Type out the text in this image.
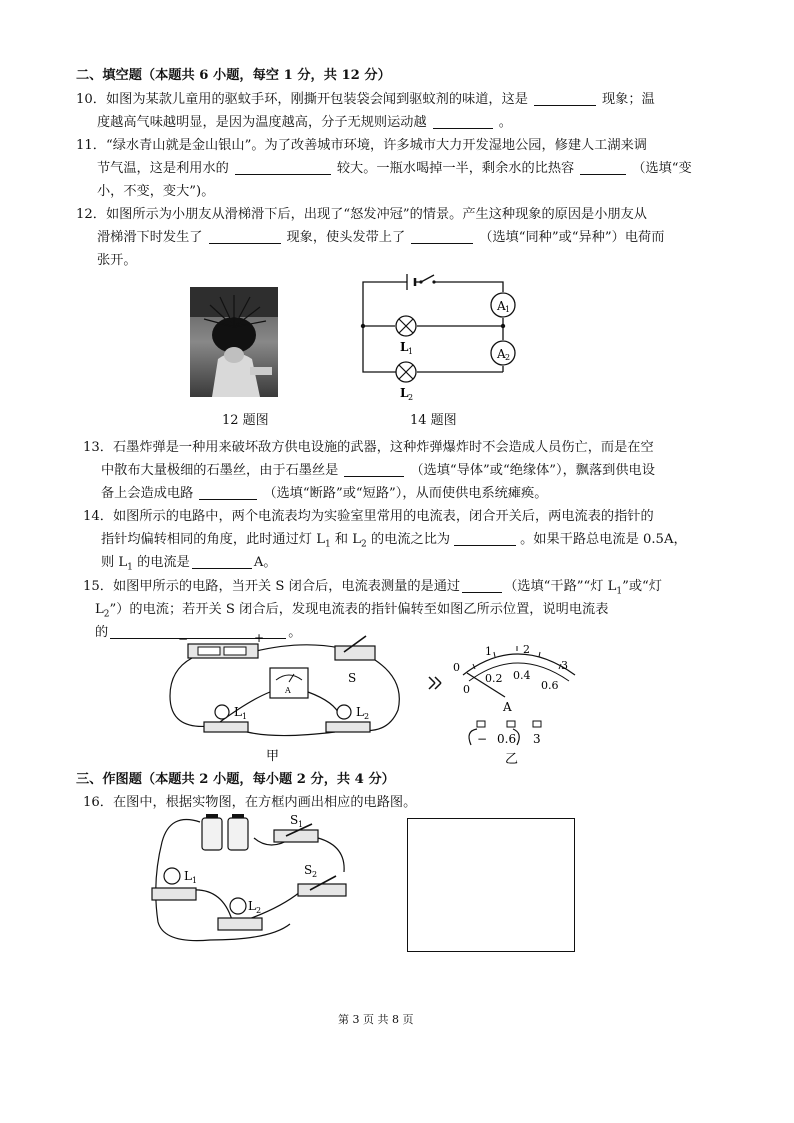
二、填空题（本题共 6 小题，每空 1 分，共 12 分）
10．如图为某款儿童用的驱蚊手环，刚撕开包装袋会闻到驱蚊剂的味道，这是	现象；温
度越高气味越明显，是因为温度越高，分子无规则运动越	。
11．“绿水青山就是金山银山”。为了改善城市环境，许多城市大力开发湿地公园，修建人工湖来调
节气温，这是利用水的	较大。一瓶水喝掉一半，剩余水的比热容	（选填“变
小，不变，变大”)。
12．如图所示为小朋友从滑梯滑下后，出现了“怒发冲冠”的情景。产生这种现象的原因是小朋友从
滑梯滑下时发生了	现象，使头发带上了	（选填“同种”或“异种”）电荷而
张开。
12 题图
A 1
A 2
L 1
L 2
14 题图
13．石墨炸弹是一种用来破坏敌方供电设施的武器，这种炸弹爆炸时不会造成人员伤亡，而是在空
中散布大量极细的石墨丝，由于石墨丝是	（选填“导体”或“绝缘体”），飘落到供电设
备上会造成电路	（选填“断路”或“短路”），从而使供电系统瘫痪。
14．如图所示的电路中，两个电流表均为实验室里常用的电流表，闭合开关后，两电流表的指针的
指针均偏转相同的角度，此时通过灯 $L_1$ 和 $L_2$ 的电流之比为	。如果干路总电流是 0.5A，
则 $L_1$ 的电流是	A。
15．如图甲所示的电路，当开关 S 闭合后，电流表测量的是通过	（选填“干路”“灯 $L_1$”或“灯
$L_2$”）的电流；若开关 S 闭合后，发现电流表的指针偏转至如图乙所示位置，说明电流表
的	。
−	+
A
S
L 1	L 2
甲
0
1	2
3
0
0.2 0.4
0.6
A
− 0.6 3
乙
三、作图题（本题共 2 小题，每小题 2 分，共 4 分）
16．在图中，根据实物图，在方框内画出相应的电路图。
S 1
S 2
L 1
L 2
第 3 页 共 8 页
